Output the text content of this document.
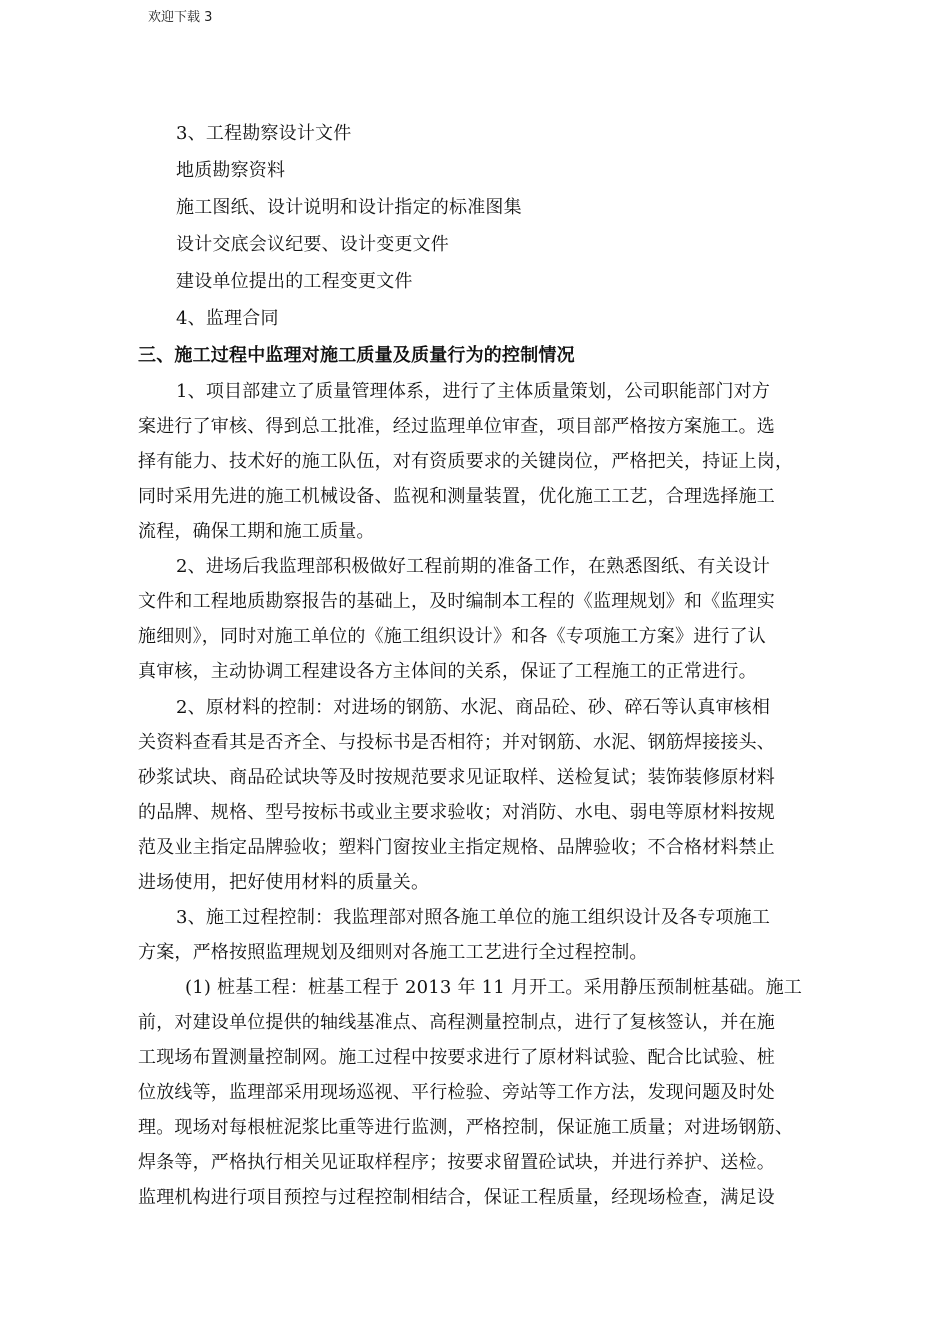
欢迎下载 3
3、工程勘察设计文件
地质勘察资料
施工图纸、设计说明和设计指定的标准图集
设计交底会议纪要、设计变更文件
建设单位提出的工程变更文件
4、监理合同
三、施工过程中监理对施工质量及质量行为的控制情况
1、项目部建立了质量管理体系，进行了主体质量策划，公司职能部门对方
案进行了审核、得到总工批准，经过监理单位审查，项目部严格按方案施工。选
择有能力、技术好的施工队伍，对有资质要求的关键岗位，严格把关，持证上岗，
同时采用先进的施工机械设备、监视和测量装置，优化施工工艺，合理选择施工
流程，确保工期和施工质量。
2、进场后我监理部积极做好工程前期的准备工作，在熟悉图纸、有关设计
文件和工程地质勘察报告的基础上，及时编制本工程的《监理规划》和《监理实
施细则》，同时对施工单位的《施工组织设计》和各《专项施工方案》进行了认
真审核，主动协调工程建设各方主体间的关系，保证了工程施工的正常进行。
2、原材料的控制：对进场的钢筋、水泥、商品砼、砂、碎石等认真审核相
关资料查看其是否齐全、与投标书是否相符；并对钢筋、水泥、钢筋焊接接头、
砂浆试块、商品砼试块等及时按规范要求见证取样、送检复试；装饰装修原材料
的品牌、规格、型号按标书或业主要求验收；对消防、水电、弱电等原材料按规
范及业主指定品牌验收；塑料门窗按业主指定规格、品牌验收；不合格材料禁止
进场使用，把好使用材料的质量关。
3、施工过程控制：我监理部对照各施工单位的施工组织设计及各专项施工
方案，严格按照监理规划及细则对各施工工艺进行全过程控制。
(1) 桩基工程：桩基工程于 2013 年 11 月开工。采用静压预制桩基础。施工
前，对建设单位提供的轴线基准点、高程测量控制点，进行了复核签认，并在施
工现场布置测量控制网。施工过程中按要求进行了原材料试验、配合比试验、桩
位放线等，监理部采用现场巡视、平行检验、旁站等工作方法，发现问题及时处
理。现场对每根桩泥浆比重等进行监测，严格控制，保证施工质量；对进场钢筋、
焊条等，严格执行相关见证取样程序；按要求留置砼试块，并进行养护、送检。
监理机构进行项目预控与过程控制相结合，保证工程质量，经现场检查，满足设
